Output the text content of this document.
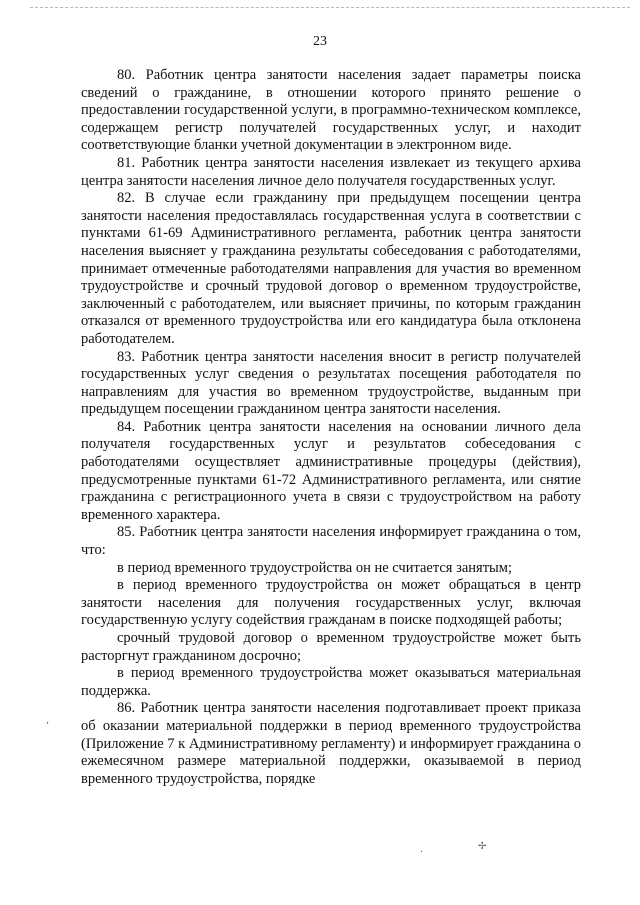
23

80. Работник центра занятости населения задает параметры поиска сведений о гражданине, в отношении которого принято решение о предоставлении государственной услуги, в программно-техническом комплексе, содержащем регистр получателей государственных услуг, и находит соответствующие бланки учетной документации в электронном виде.

81. Работник центра занятости населения извлекает из текущего архива центра занятости населения личное дело получателя государственных услуг.

82. В случае если гражданину при предыдущем посещении центра занятости населения предоставлялась государственная услуга в соответствии с пунктами 61-69 Административного регламента, работник центра занятости населения выясняет у гражданина результаты собеседования с работодателями, принимает отмеченные работодателями направления для участия во временном трудоустройстве и срочный трудовой договор о временном трудоустройстве, заключенный с работодателем, или выясняет причины, по которым гражданин отказался от временного трудоустройства или его кандидатура была отклонена работодателем.

83. Работник центра занятости населения вносит в регистр получателей государственных услуг сведения о результатах посещения работодателя по направлениям для участия во временном трудоустройстве, выданным при предыдущем посещении гражданином центра занятости населения.

84. Работник центра занятости населения на основании личного дела получателя государственных услуг и результатов собеседования с работодателями осуществляет административные процедуры (действия), предусмотренные пунктами 61-72 Административного регламента, или снятие гражданина с регистрационного учета в связи с трудоустройством на работу временного характера.

85. Работник центра занятости населения информирует гражданина о том, что:

в период временного трудоустройства он не считается занятым;

в период временного трудоустройства он может обращаться в центр занятости населения для получения государственных услуг, включая государственную услугу содействия гражданам в поиске подходящей работы;

срочный трудовой договор о временном трудоустройстве может быть расторгнут гражданином досрочно;

в период временного трудоустройства может оказываться материальная поддержка.

86. Работник центра занятости населения подготавливает проект приказа об оказании материальной поддержки в период временного трудоустройства (Приложение 7 к Административному регламенту) и информирует гражданина о ежемесячном размере материальной поддержки, оказываемой в период временного трудоустройства, порядке

,
·
✢
